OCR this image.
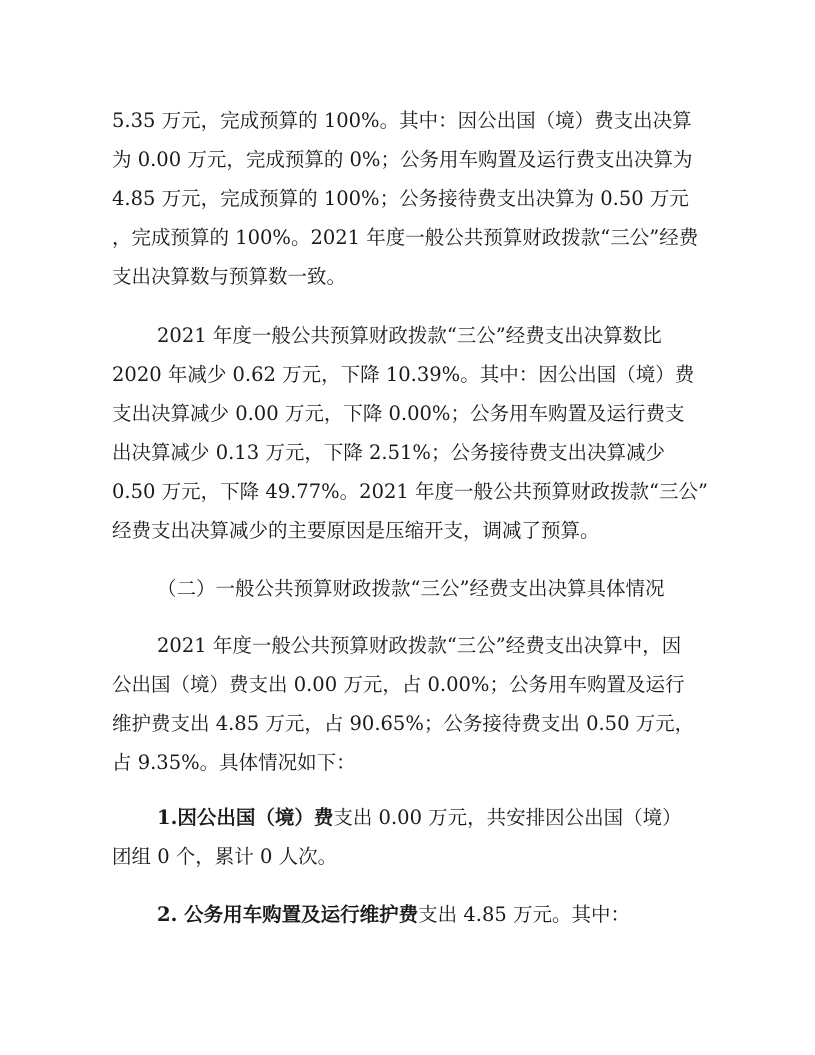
5.35 万元，完成预算的 100%。其中：因公出国（境）费支出决算
为 0.00 万元，完成预算的 0%；公务用车购置及运行费支出决算为
4.85 万元，完成预算的 100%；公务接待费支出决算为 0.50 万元
，完成预算的 100%。2021 年度一般公共预算财政拨款“三公”经费
支出决算数与预算数一致。

2021 年度一般公共预算财政拨款“三公”经费支出决算数比
2020 年减少 0.62 万元，下降 10.39%。其中：因公出国（境）费
支出决算减少 0.00 万元，下降 0.00%；公务用车购置及运行费支
出决算减少 0.13 万元，下降 2.51%；公务接待费支出决算减少
0.50 万元，下降 49.77%。2021 年度一般公共预算财政拨款“三公”
经费支出决算减少的主要原因是压缩开支，调减了预算。

（二）一般公共预算财政拨款“三公”经费支出决算具体情况

2021 年度一般公共预算财政拨款“三公”经费支出决算中，因
公出国（境）费支出 0.00 万元，占 0.00%；公务用车购置及运行
维护费支出 4.85 万元，占 90.65%；公务接待费支出 0.50 万元，
占 9.35%。具体情况如下：

1.因公出国（境）费支出 0.00 万元，共安排因公出国（境）
团组 0 个，累计 0 人次。

2. 公务用车购置及运行维护费支出 4.85 万元。其中：
